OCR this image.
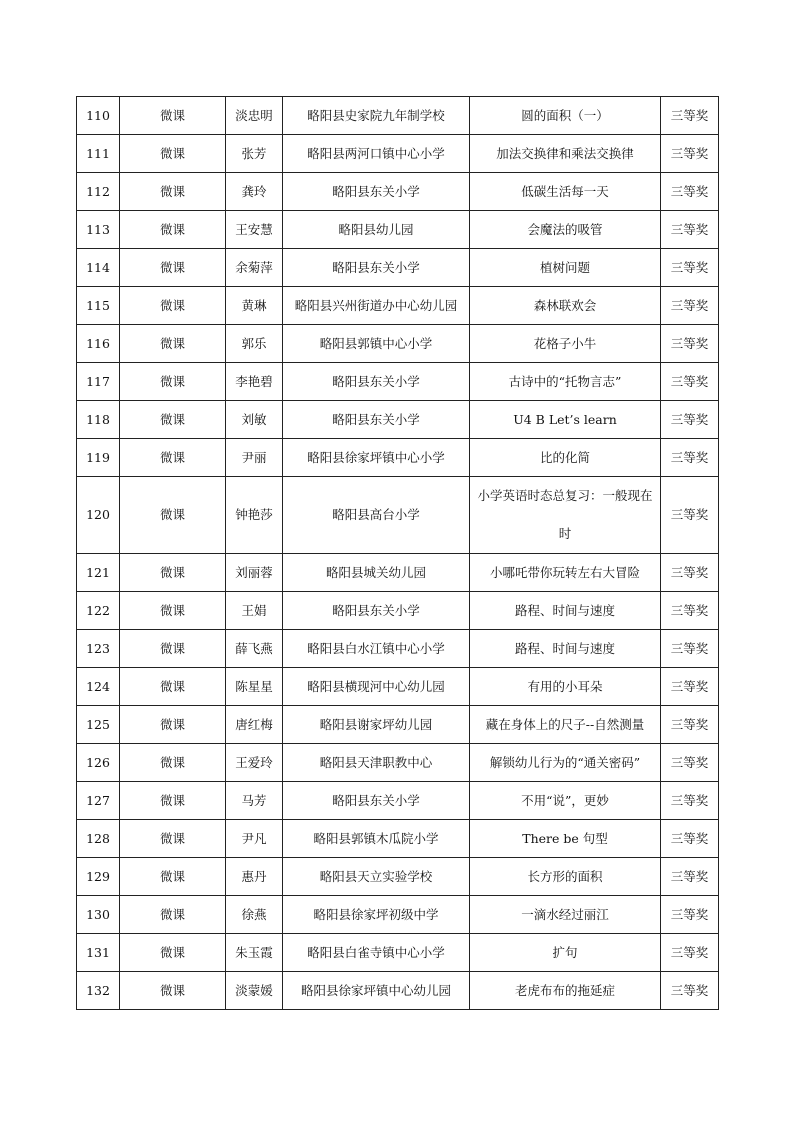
110	微课	淡忠明	略阳县史家院九年制学校	圆的面积（一）	三等奖
111	微课	张芳	略阳县两河口镇中心小学	加法交换律和乘法交换律	三等奖
112	微课	龚玲	略阳县东关小学	低碳生活每一天	三等奖
113	微课	王安慧	略阳县幼儿园	会魔法的吸管	三等奖
114	微课	余菊萍	略阳县东关小学	植树问题	三等奖
115	微课	黄琳	略阳县兴州街道办中心幼儿园	森林联欢会	三等奖
116	微课	郭乐	略阳县郭镇中心小学	花格子小牛	三等奖
117	微课	李艳碧	略阳县东关小学	古诗中的“托物言志”	三等奖
118	微课	刘敏	略阳县东关小学	U4 B Let’s learn	三等奖
119	微课	尹丽	略阳县徐家坪镇中心小学	比的化简	三等奖
120	微课	钟艳莎	略阳县高台小学	小学英语时态总复习：一般现在时	三等奖
121	微课	刘丽蓉	略阳县城关幼儿园	小哪吒带你玩转左右大冒险	三等奖
122	微课	王娟	略阳县东关小学	路程、时间与速度	三等奖
123	微课	薛飞燕	略阳县白水江镇中心小学	路程、时间与速度	三等奖
124	微课	陈星星	略阳县横现河中心幼儿园	有用的小耳朵	三等奖
125	微课	唐红梅	略阳县谢家坪幼儿园	藏在身体上的尺子--自然测量	三等奖
126	微课	王爱玲	略阳县天津职教中心	解锁幼儿行为的“通关密码”	三等奖
127	微课	马芳	略阳县东关小学	不用“说”，更妙	三等奖
128	微课	尹凡	略阳县郭镇木瓜院小学	There be 句型	三等奖
129	微课	惠丹	略阳县天立实验学校	长方形的面积	三等奖
130	微课	徐燕	略阳县徐家坪初级中学	一滴水经过丽江	三等奖
131	微课	朱玉霞	略阳县白雀寺镇中心小学	扩句	三等奖
132	微课	淡蒙媛	略阳县徐家坪镇中心幼儿园	老虎布布的拖延症	三等奖
